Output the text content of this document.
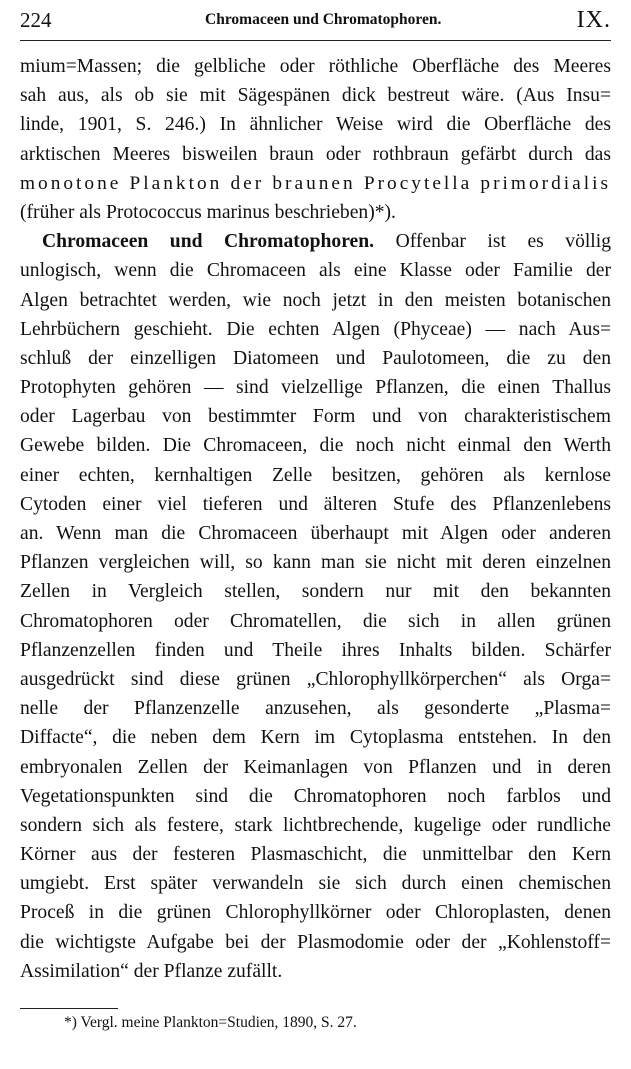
224	Chromaceen und Chromatophoren.	IX.
mium=Massen; die gelbliche oder röthliche Oberfläche des Meeres
sah aus, als ob sie mit Sägespänen dick bestreut wäre. (Aus Insu=
linde, 1901, S. 246.) In ähnlicher Weise wird die Oberfläche des
arktischen Meeres bisweilen braun oder rothbraun gefärbt durch das
monotone Plankton der braunen Procytella primordialis
(früher als Protococcus marinus beschrieben)*).
Chromaceen und Chromatophoren. Offenbar ist es völlig
unlogisch, wenn die Chromaceen als eine Klasse oder Familie der
Algen betrachtet werden, wie noch jetzt in den meisten botanischen
Lehrbüchern geschieht. Die echten Algen (Phyceae) — nach Aus=
schluß der einzelligen Diatomeen und Paulotomeen, die zu den
Protophyten gehören — sind vielzellige Pflanzen, die einen Thallus
oder Lagerbau von bestimmter Form und von charakteristischem
Gewebe bilden. Die Chromaceen, die noch nicht einmal den Werth
einer echten, kernhaltigen Zelle besitzen, gehören als kernlose
Cytoden einer viel tieferen und älteren Stufe des Pflanzenlebens
an. Wenn man die Chromaceen überhaupt mit Algen oder anderen
Pflanzen vergleichen will, so kann man sie nicht mit deren einzelnen
Zellen in Vergleich stellen, sondern nur mit den bekannten
Chromatophoren oder Chromatellen, die sich in allen grünen
Pflanzenzellen finden und Theile ihres Inhalts bilden. Schärfer
ausgedrückt sind diese grünen „Chlorophyllkörperchen“ als Orga=
nelle der Pflanzenzelle anzusehen, als gesonderte „Plasma=
Diffacte“, die neben dem Kern im Cytoplasma entstehen. In den
embryonalen Zellen der Keimanlagen von Pflanzen und in deren
Vegetationspunkten sind die Chromatophoren noch farblos und
sondern sich als festere, stark lichtbrechende, kugelige oder rundliche
Körner aus der festeren Plasmaschicht, die unmittelbar den Kern
umgiebt. Erst später verwandeln sie sich durch einen chemischen
Proceß in die grünen Chlorophyllkörner oder Chloroplasten, denen
die wichtigste Aufgabe bei der Plasmodomie oder der „Kohlenstoff=
Assimilation“ der Pflanze zufällt.
*) Vergl. meine Plankton=Studien, 1890, S. 27.
